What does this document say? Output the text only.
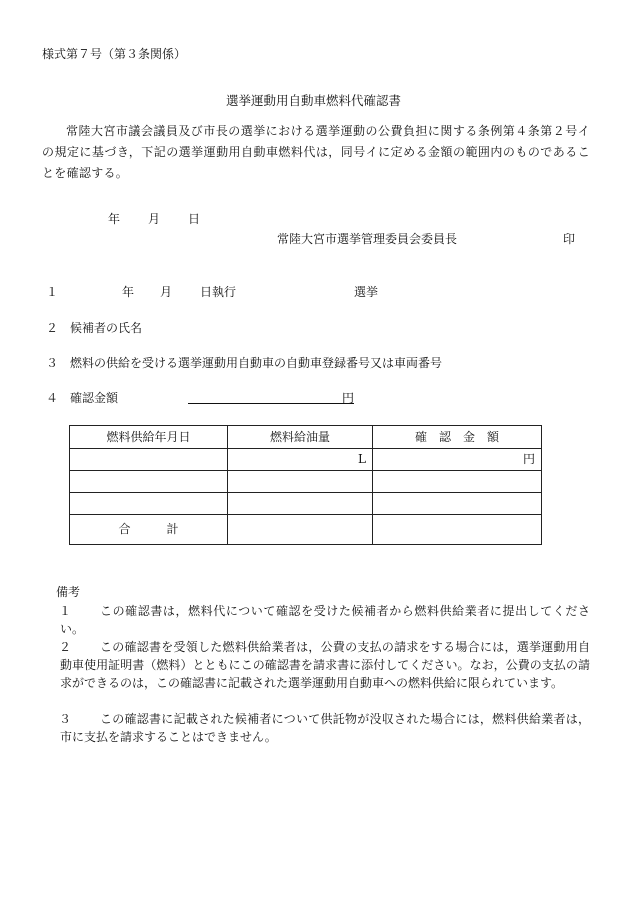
様式第７号（第３条関係）
選挙運動用自動車燃料代確認書
常陸大宮市議会議員及び市長の選挙における選挙運動の公費負担に関する条例第４条第２号イの規定に基づき，下記の選挙運動用自動車燃料代は，同号イに定める金額の範囲内のものであることを確認する。
年 月 日
常陸大宮市選挙管理委員会委員長	印
１	年 月 日執行	選挙
２ 候補者の氏名
３ 燃料の供給を受ける選挙運動用自動車の自動車登録番号又は車両番号
４ 確認金額	円
燃料供給年月日	燃料給油量	確　認　金　額
	L	円

合　　　計		
備考
１	この確認書は，燃料代について確認を受けた候補者から燃料供給業者に提出してください。
２	この確認書を受領した燃料供給業者は，公費の支払の請求をする場合には，選挙運動用自動車使用証明書（燃料）とともにこの確認書を請求書に添付してください。なお，公費の支払の請求ができるのは，この確認書に記載された選挙運動用自動車への燃料供給に限られています。
３	この確認書に記載された候補者について供託物が没収された場合には，燃料供給業者は，市に支払を請求することはできません。
